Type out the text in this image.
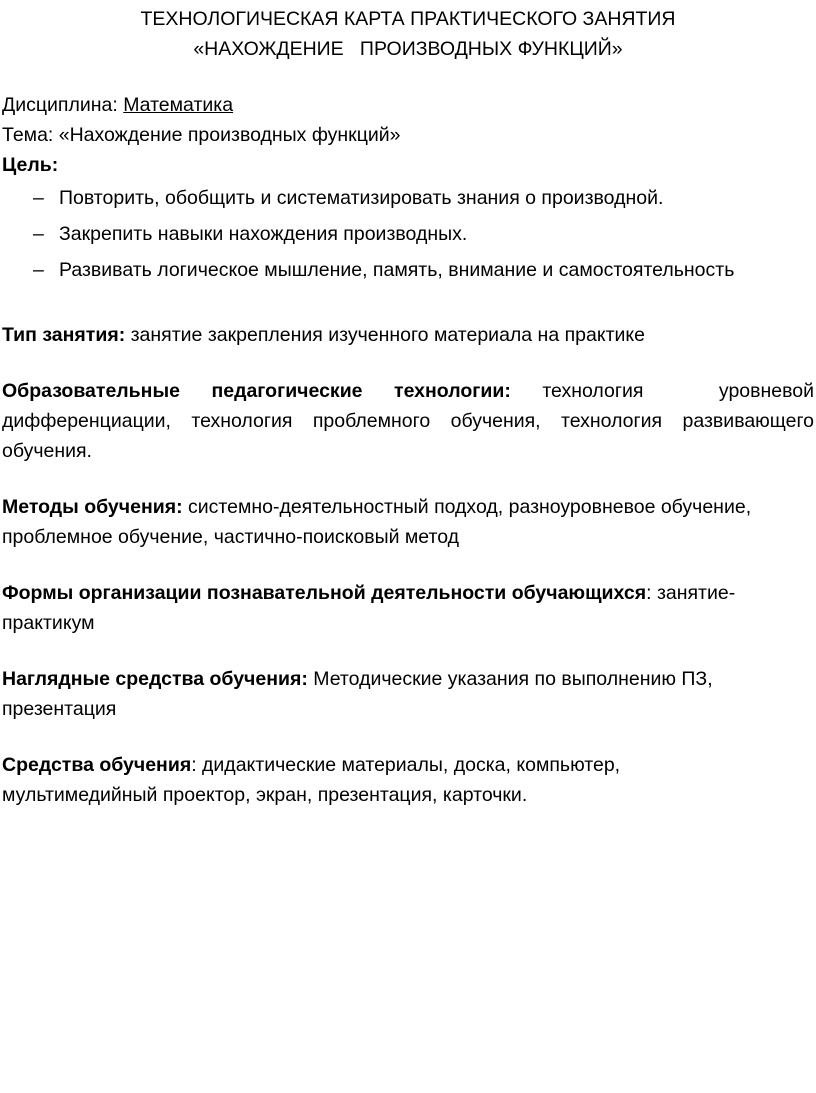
ТЕХНОЛОГИЧЕСКАЯ КАРТА ПРАКТИЧЕСКОГО ЗАНЯТИЯ
«НАХОЖДЕНИЕ   ПРОИЗВОДНЫХ ФУНКЦИЙ»

Дисциплина: Математика

Тема: «Нахождение производных функций»

Цель:

– Повторить, обобщить и систематизировать знания о производной.
– Закрепить навыки нахождения производных.
– Развивать логическое мышление, память, внимание и самостоятельность

Тип занятия: занятие закрепления изученного материала на практике

Образовательные педагогические технологии: технология уровневой
дифференциации, технология проблемного обучения, технология развивающего
обучения.

Методы обучения: системно-деятельностный подход, разноуровневое обучение,

проблемное обучение, частично-поисковый метод

Формы организации познавательной деятельности обучающихся: занятие-

практикум

Наглядные средства обучения: Методические указания по выполнению ПЗ,

презентация

Средства обучения: дидактические материалы, доска, компьютер,

мультимедийный проектор, экран, презентация, карточки.
